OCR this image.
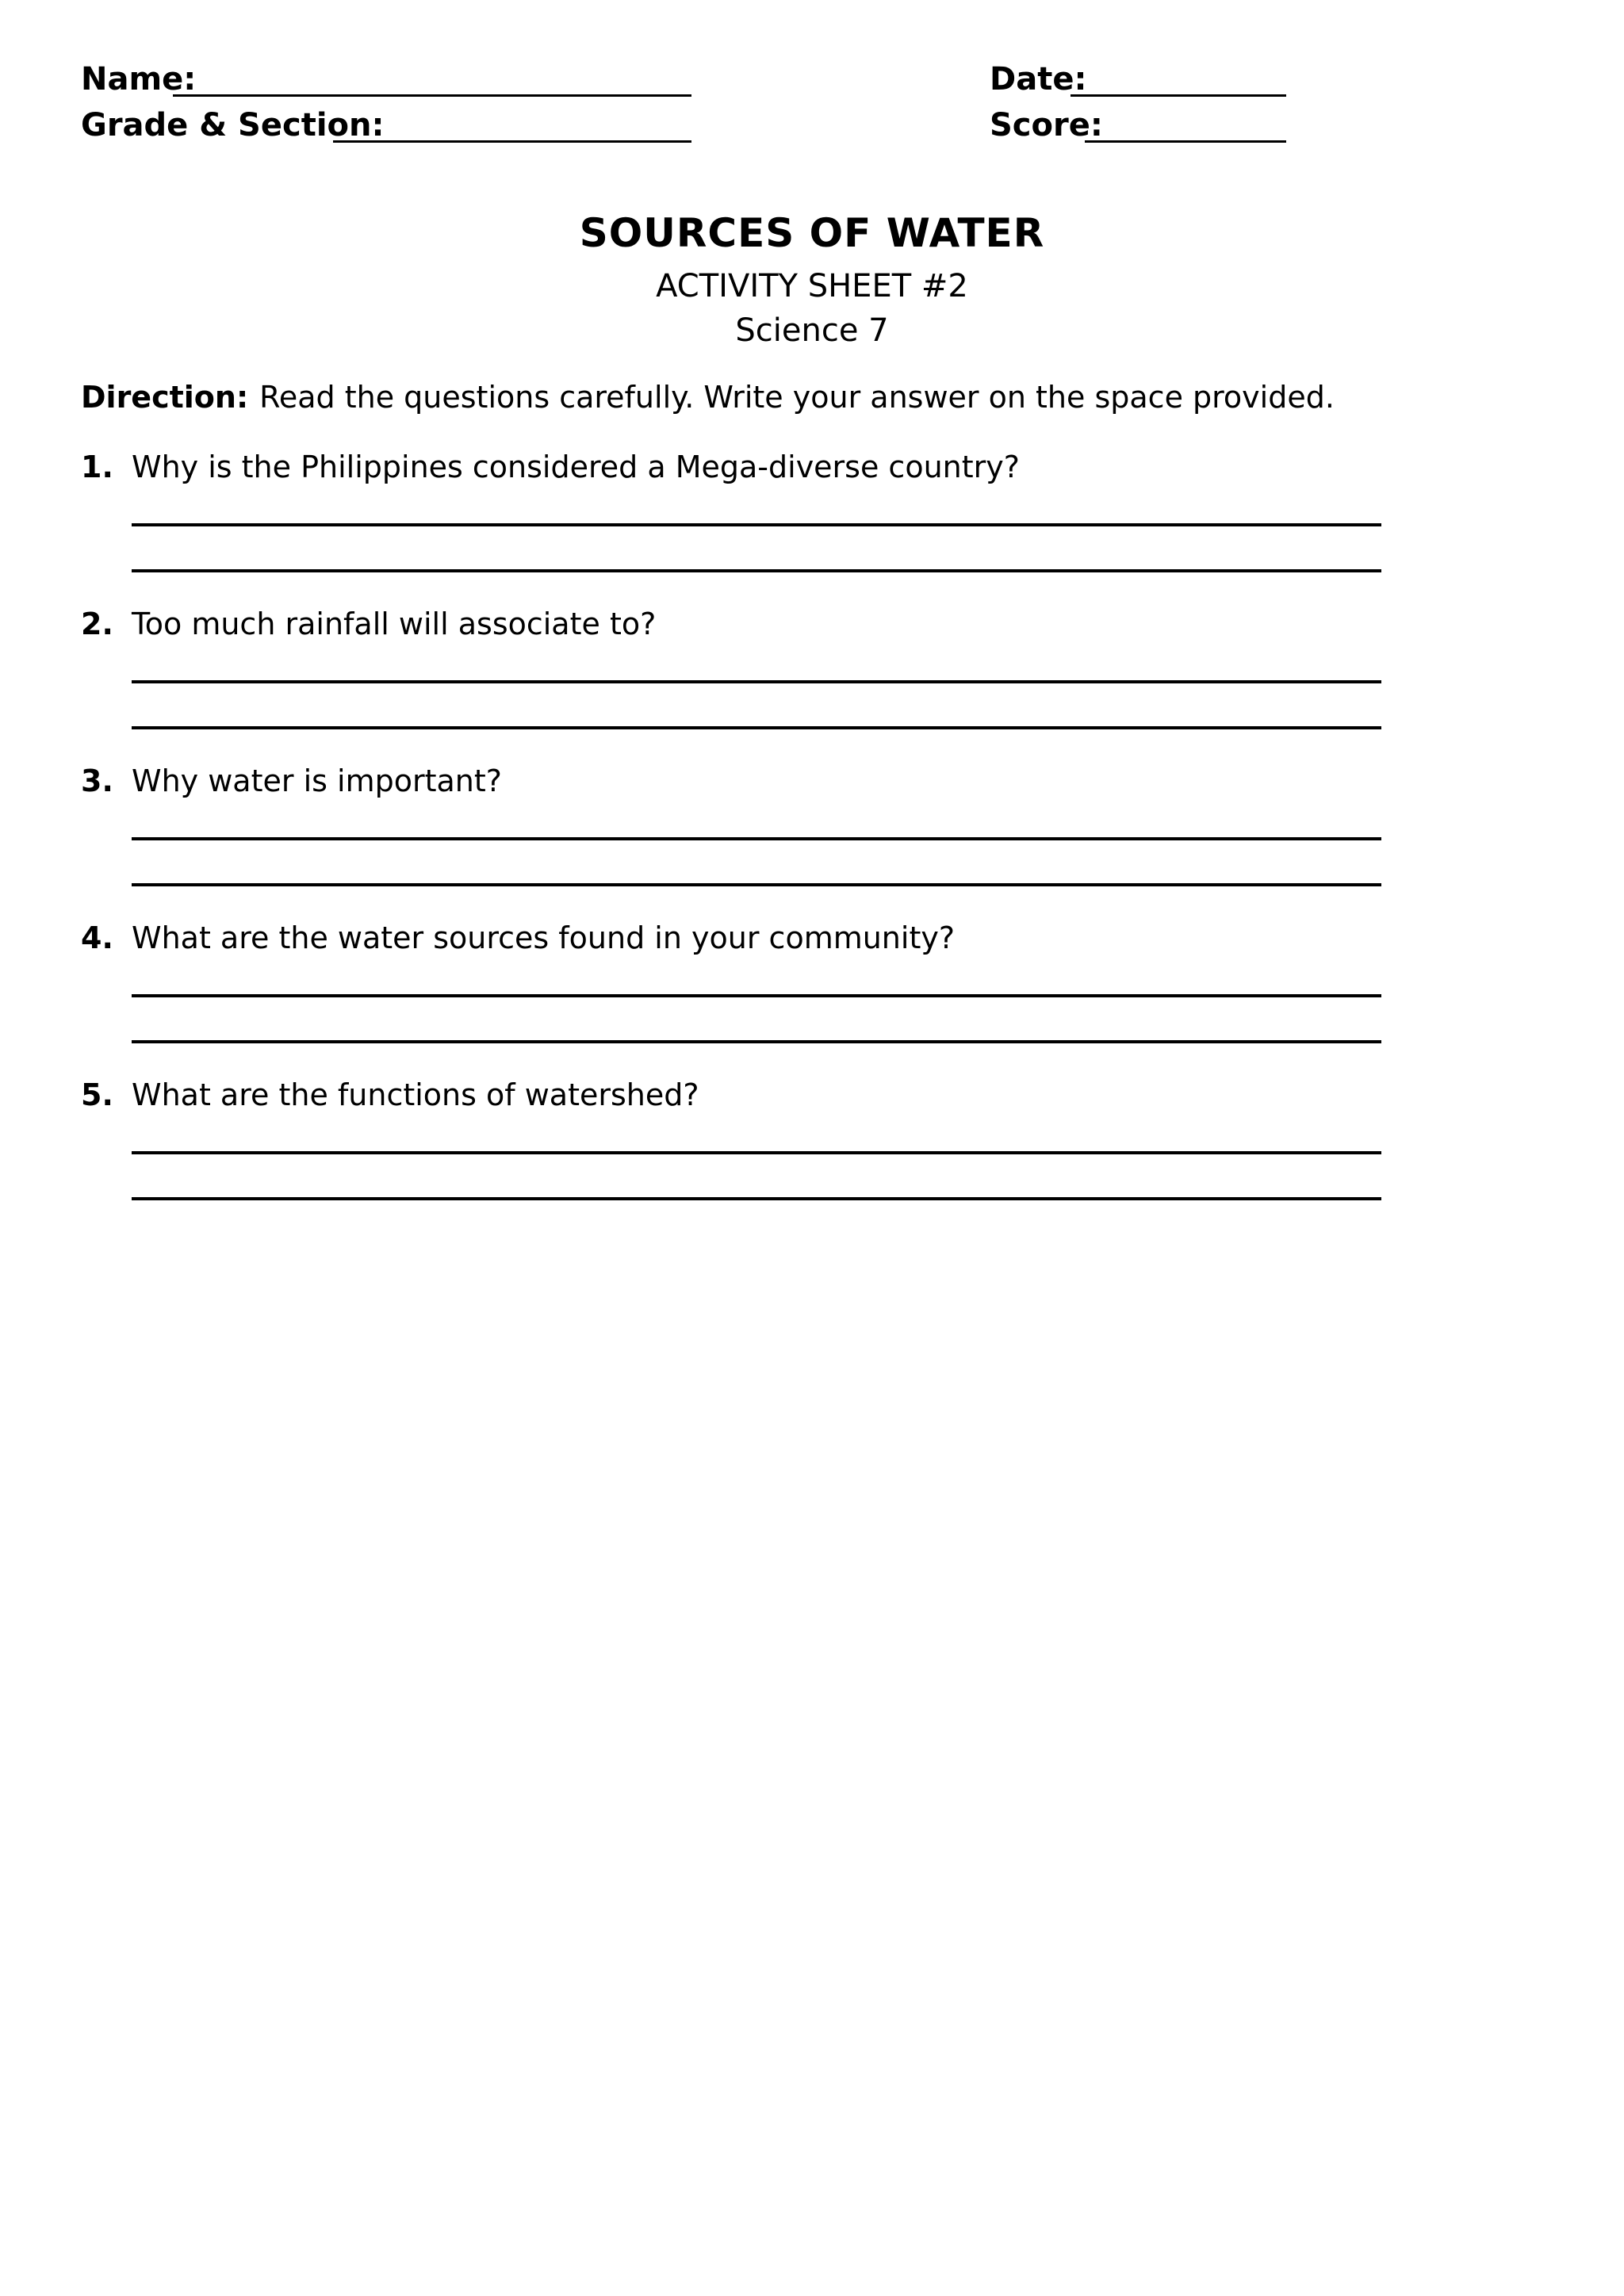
Name:
Grade & Section:
Date:
Score:
SOURCES OF WATER
ACTIVITY SHEET #2
Science 7
Direction: Read the questions carefully. Write your answer on the space provided.
1. Why is the Philippines considered a Mega-diverse country?
2. Too much rainfall will associate to?
3. Why water is important?
4. What are the water sources found in your community?
5. What are the functions of watershed?
